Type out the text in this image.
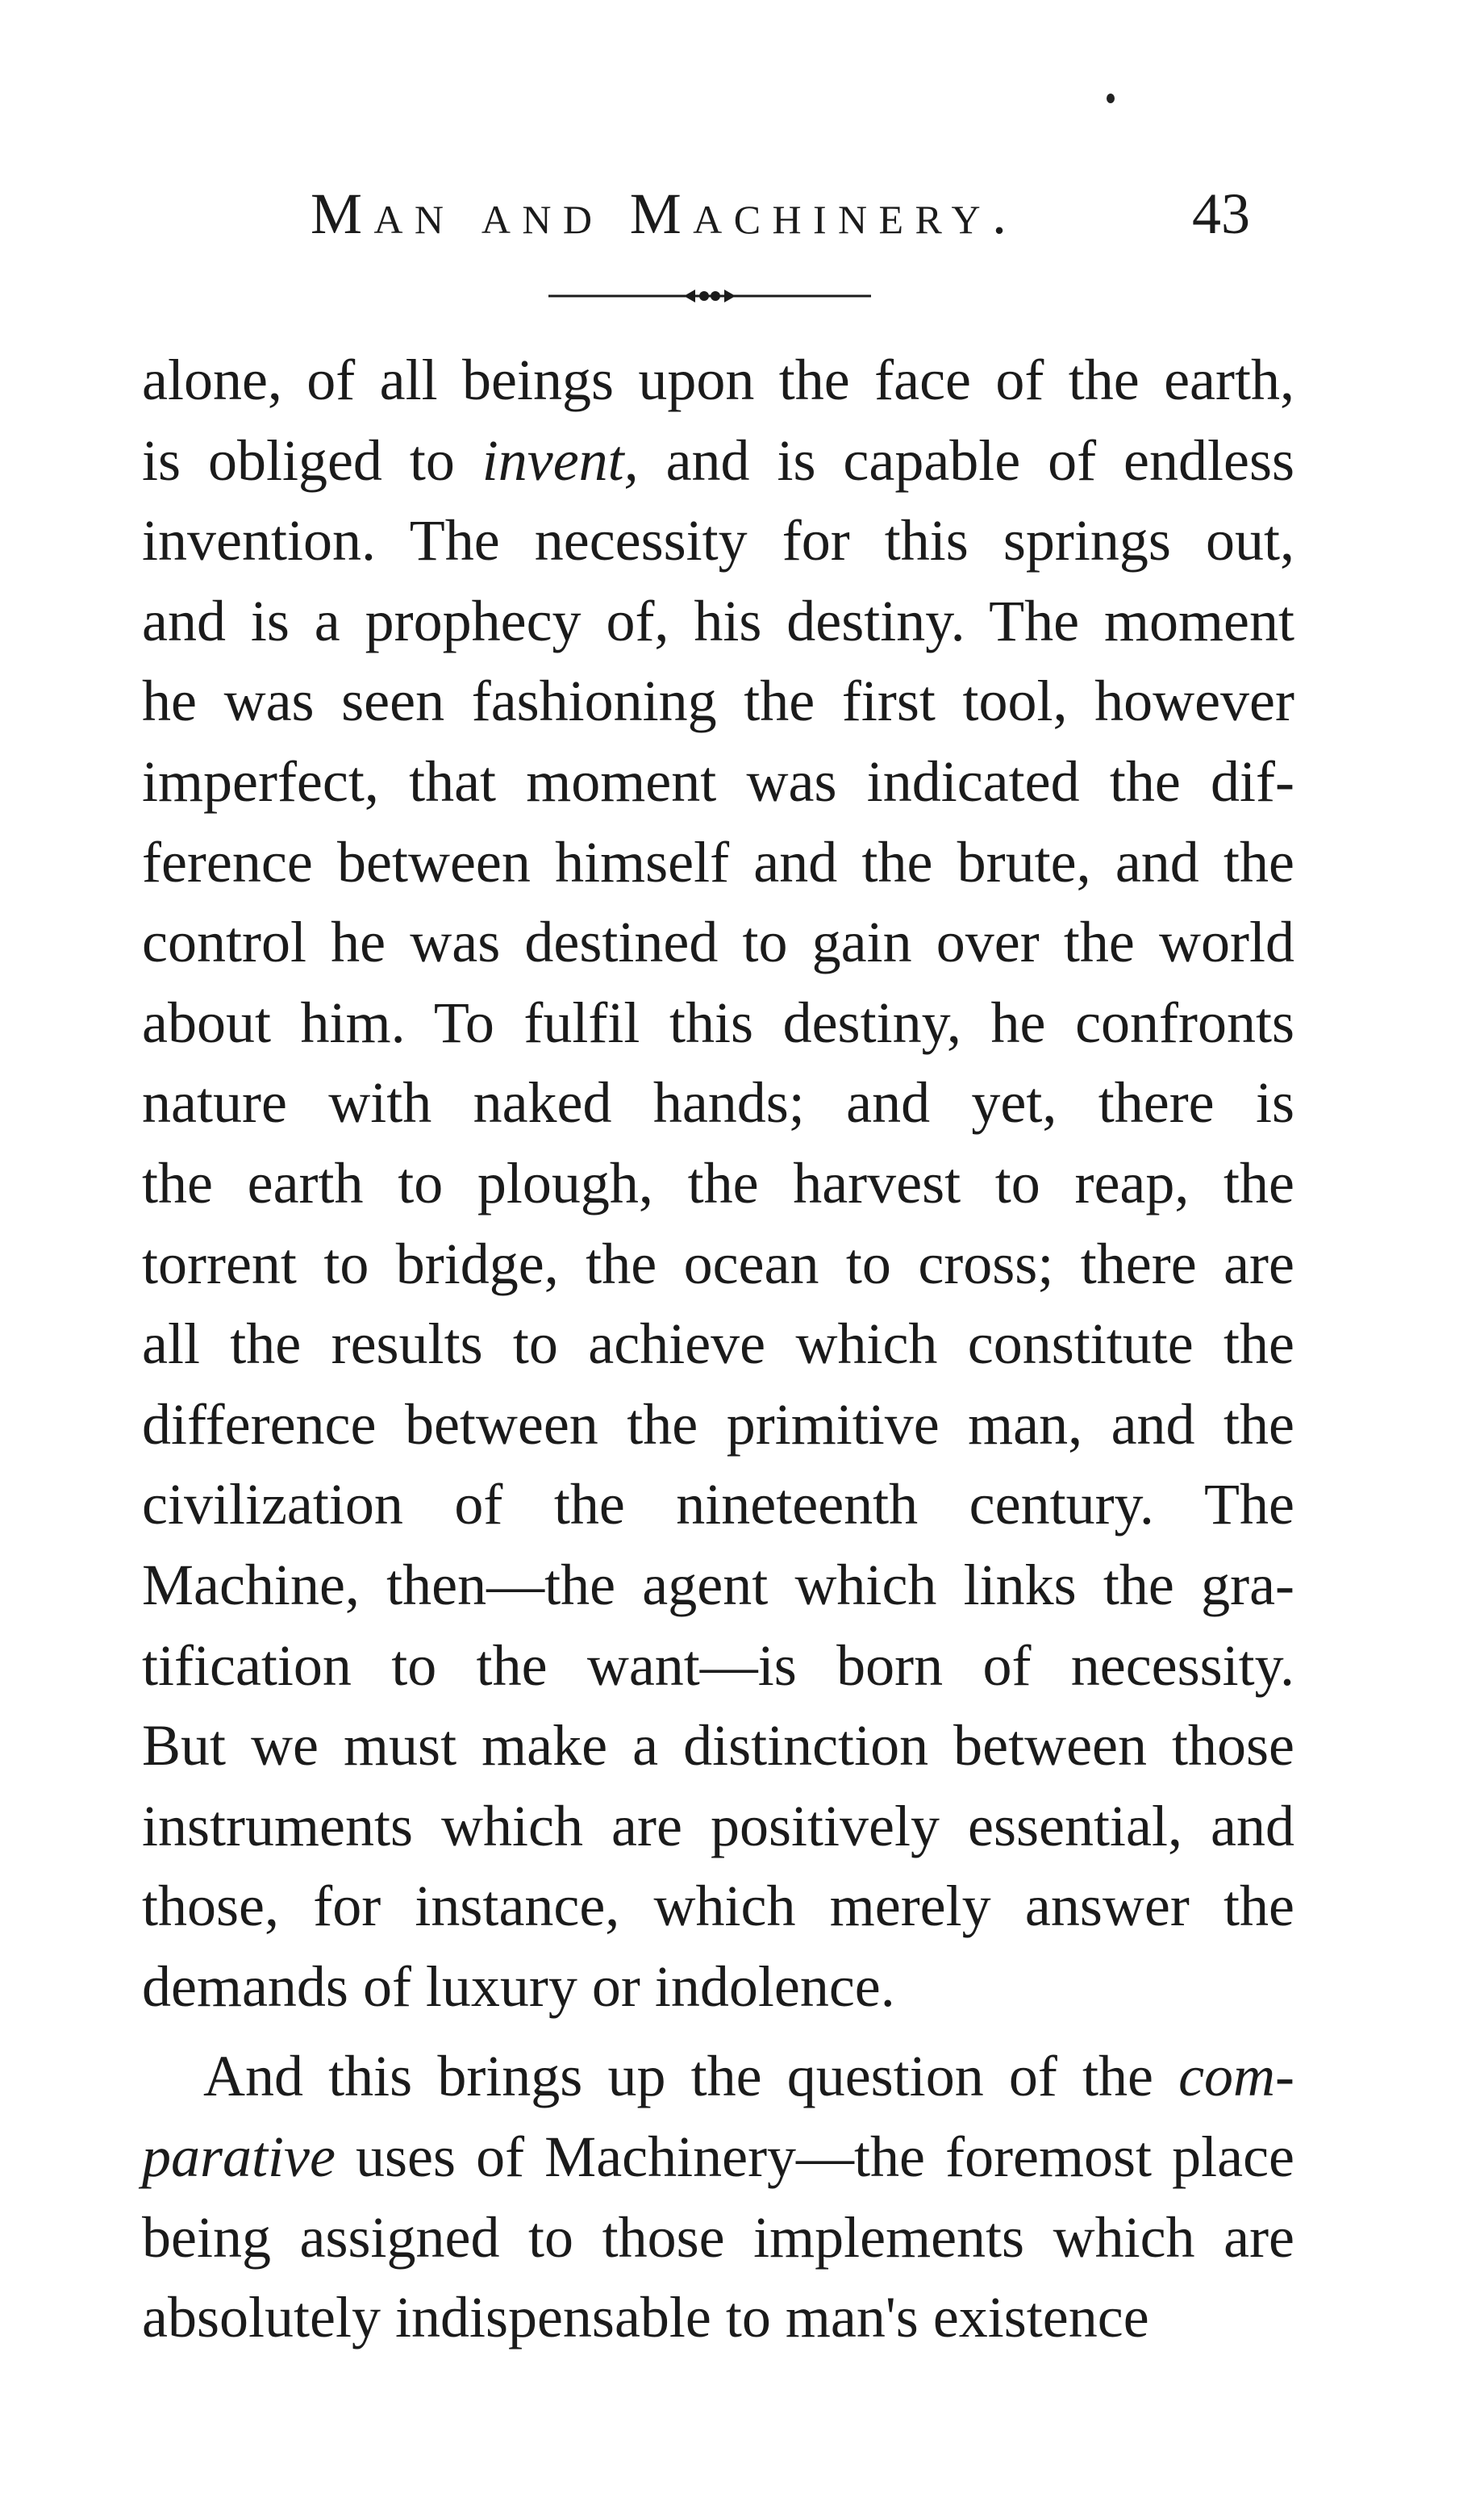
Man and Machinery.	43

alone, of all beings upon the face of the earth,
is obliged to invent, and is capable of endless
invention. The necessity for this springs out,
and is a prophecy of, his destiny. The moment
he was seen fashioning the first tool, however
imperfect, that moment was indicated the dif-
ference between himself and the brute, and the
control he was destined to gain over the world
about him. To fulfil this destiny, he confronts
nature with naked hands; and yet, there is
the earth to plough, the harvest to reap, the
torrent to bridge, the ocean to cross; there are
all the results to achieve which constitute the
difference between the primitive man, and the
civilization of the nineteenth century. The
Machine, then—the agent which links the gra-
tification to the want—is born of necessity.
But we must make a distinction between those
instruments which are positively essential, and
those, for instance, which merely answer the
demands of luxury or indolence.

And this brings up the question of the com-
parative uses of Machinery—the foremost place
being assigned to those implements which are
absolutely indispensable to man's existence
